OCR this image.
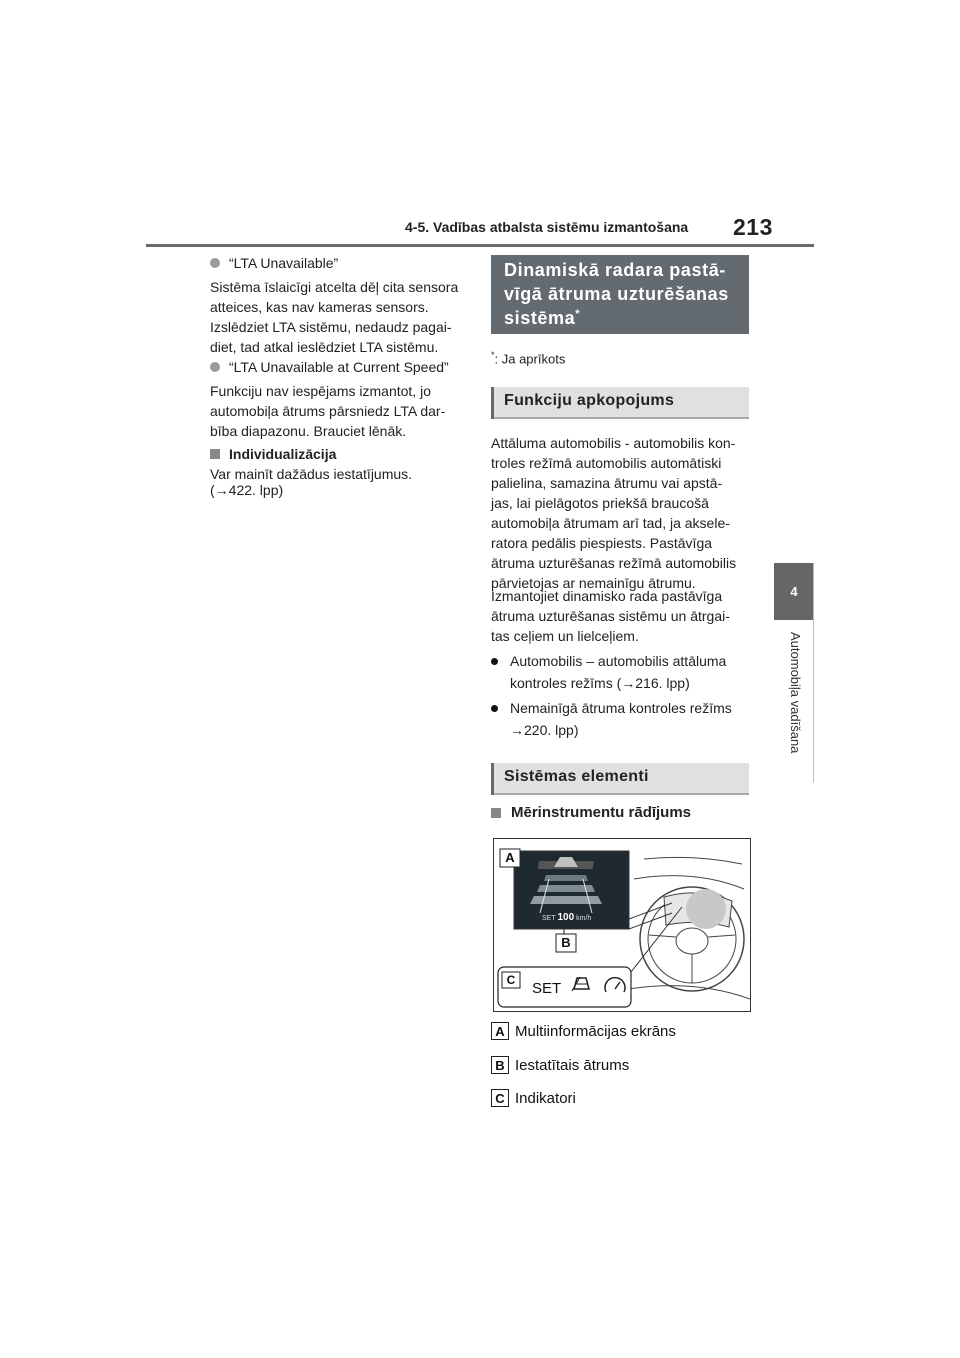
4-5. Vadības atbalsta sistēmu izmantošana 213
4
Automobiļa vadīšana
“LTA Unavailable”

Sistēma īslaicīgi atcelta dēļ cita sensora

atteices, kas nav kameras sensors.

Izslēdziet LTA sistēmu, nedaudz pagai-

diet, tad atkal ieslēdziet LTA sistēmu.

“LTA Unavailable at Current Speed”

Funkciju nav iespējams izmantot, jo

automobiļa ātrums pārsniedz LTA dar-

bība diapazonu. Brauciet lēnāk.

Individualizācija

Var mainīt dažādus iestatījumus.

(→422. lpp)

Dinamiskā radara pastā-

vīgā ātruma uzturēšanas

sistēma*

*: Ja aprīkots
Funkciju apkopojums
Attāluma automobilis - automobilis kon-
troles režīmā automobilis automātiski
palielina, samazina ātrumu vai apstā-
jas, lai pielāgotos priekšā braucošā
automobiļa ātrumam arī tad, ja aksele-
ratora pedālis piespiests. Pastāvīga
ātruma uzturēšanas režīmā automobilis
pārvietojas ar nemainīgu ātrumu.
Izmantojiet dinamisko rada pastāvīga
ātruma uzturēšanas sistēmu un ātrgai-
tas ceļiem un lielceļiem.
Automobilis – automobilis attāluma
kontroles režīms (→216. lpp)
Nemainīgā ātruma kontroles režīms
→220. lpp)
Sistēmas elementi
Mērinstrumentu rādījums
A
B
C
SET 100 km/h
SET
A Multiinformācijas ekrāns
B Iestatītais ātrums
C Indikatori
